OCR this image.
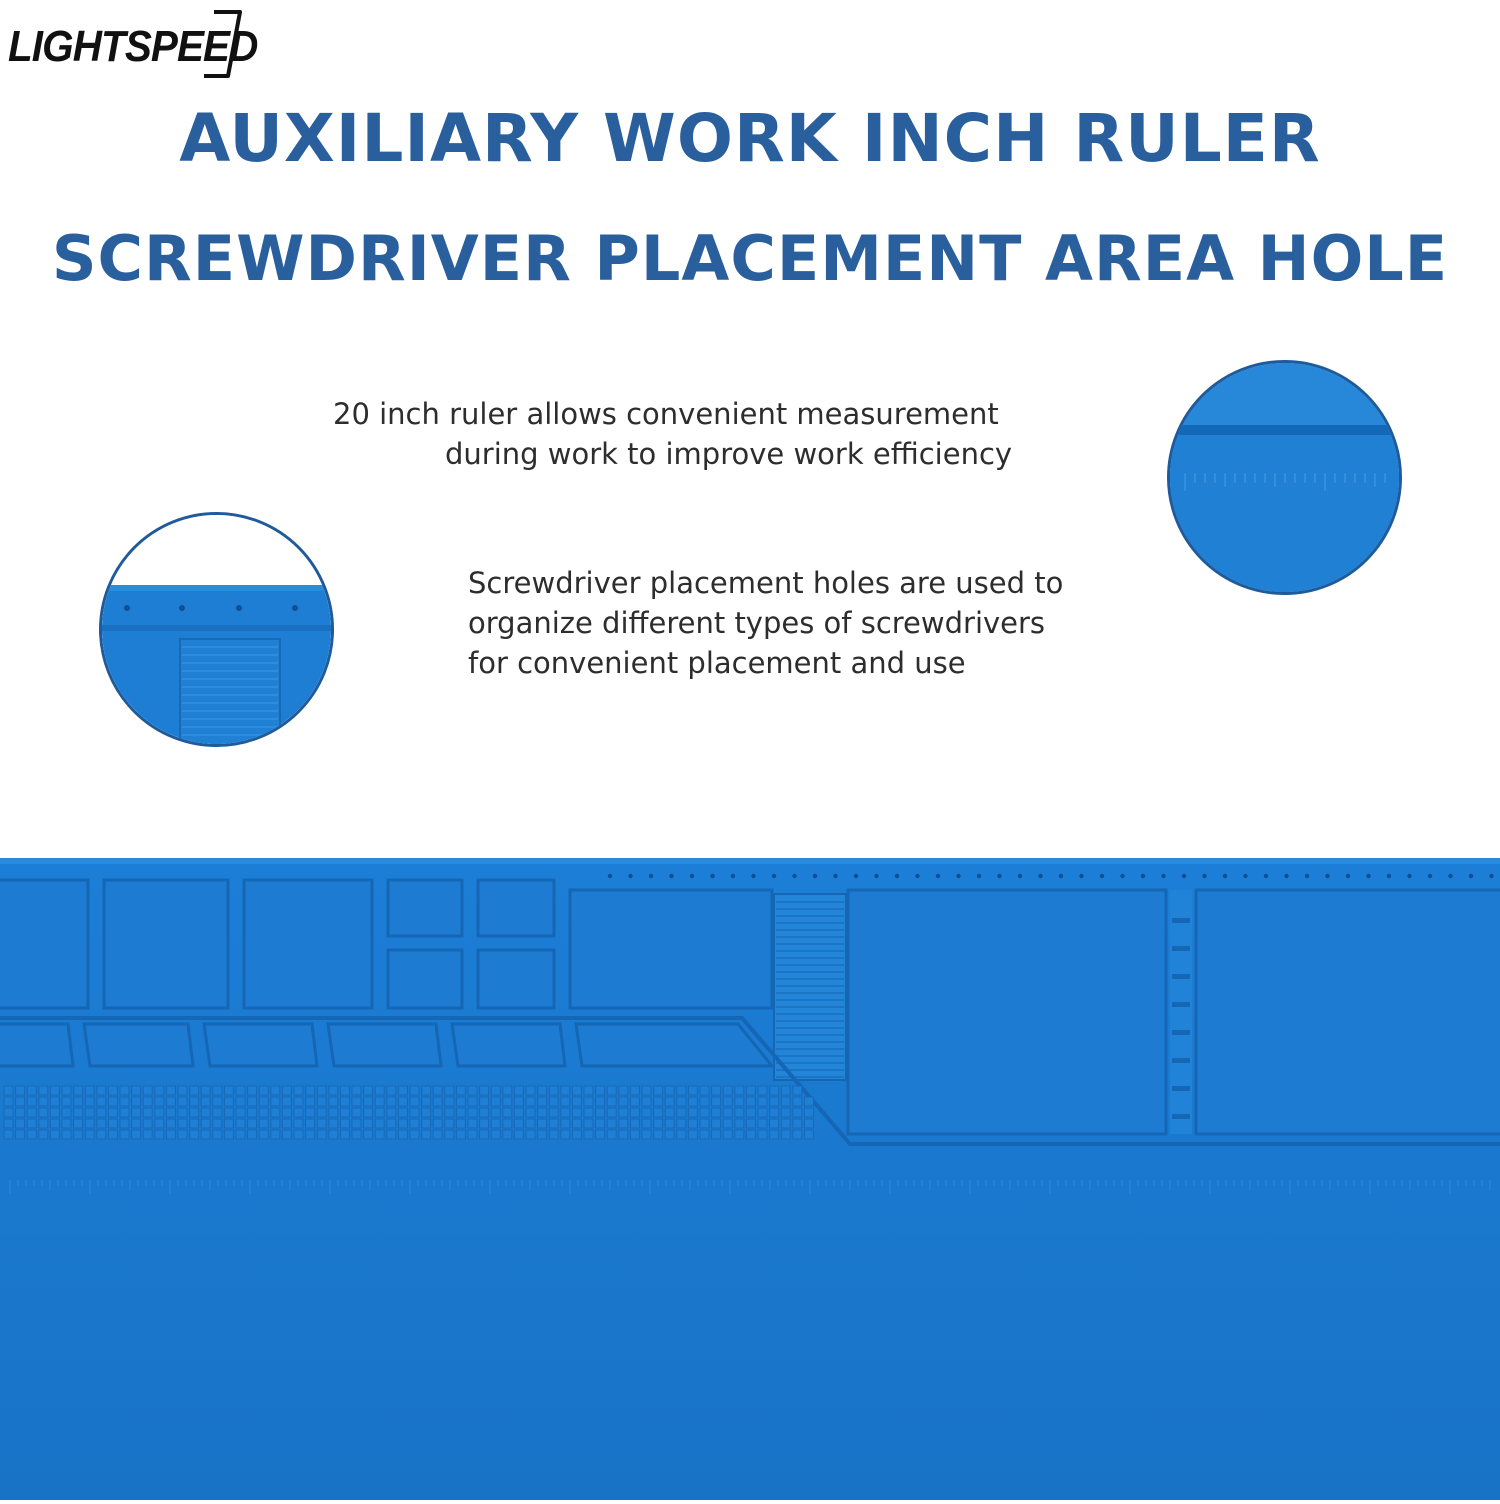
LIGHTSPEED
AUXILIARY WORK INCH RULER
SCREWDRIVER PLACEMENT AREA HOLE
20 inch ruler allows convenient measurement
during work to improve work efficiency
Screwdriver placement holes are used to
organize different types of screwdrivers
for convenient placement and use
